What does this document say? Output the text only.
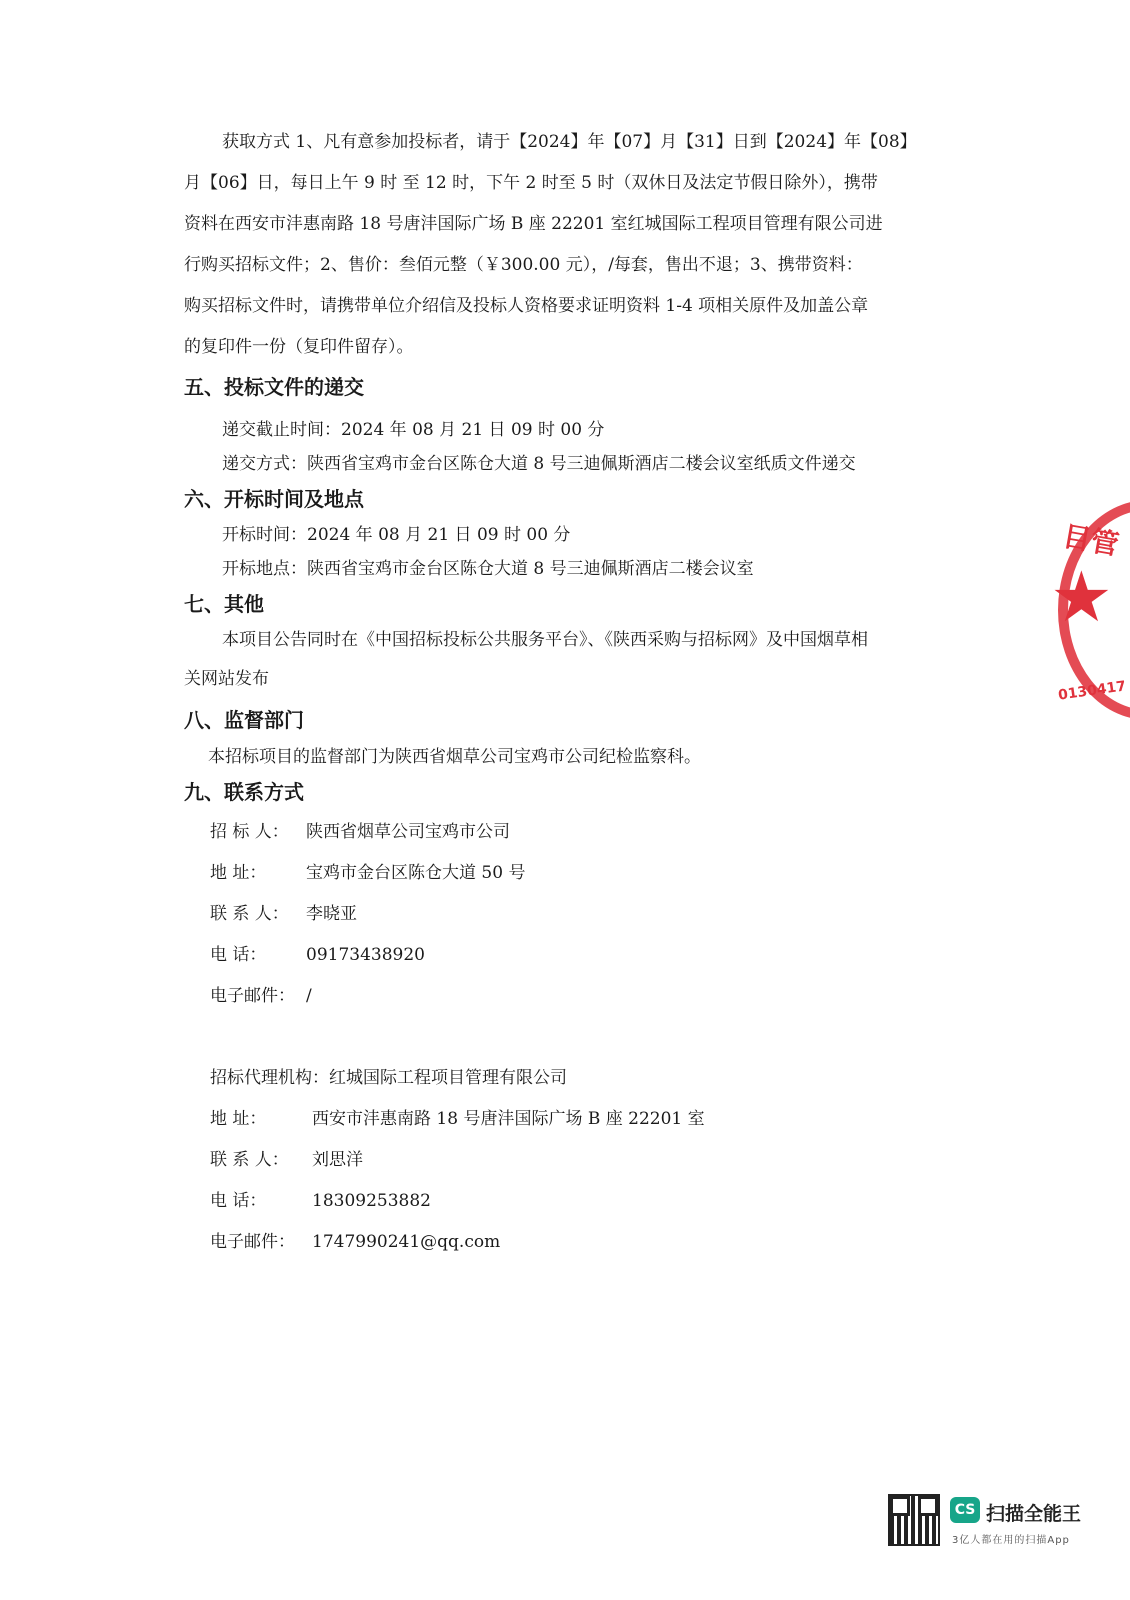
获取方式 1、凡有意参加投标者，请于【2024】年【07】月【31】日到【2024】年【08】
月【06】日，每日上午 9 时 至 12 时，下午 2 时至 5 时（双休日及法定节假日除外），携带
资料在西安市沣惠南路 18 号唐沣国际广场 B 座 22201 室红城国际工程项目管理有限公司进
行购买招标文件；2、售价：叁佰元整（￥300.00 元），/每套，售出不退；3、携带资料：
购买招标文件时，请携带单位介绍信及投标人资格要求证明资料 1-4 项相关原件及加盖公章
的复印件一份（复印件留存）。
五、投标文件的递交
递交截止时间：2024 年 08 月 21 日 09 时 00 分
递交方式：陕西省宝鸡市金台区陈仓大道 8 号三迪佩斯酒店二楼会议室纸质文件递交
六、开标时间及地点
开标时间：2024 年 08 月 21 日 09 时 00 分
开标地点：陕西省宝鸡市金台区陈仓大道 8 号三迪佩斯酒店二楼会议室
七、其他
本项目公告同时在《中国招标投标公共服务平台》、《陕西采购与招标网》及中国烟草相
关网站发布
八、监督部门
本招标项目的监督部门为陕西省烟草公司宝鸡市公司纪检监察科。
九、联系方式
招 标 人： 陕西省烟草公司宝鸡市公司
地 址： 宝鸡市金台区陈仓大道 50 号
联 系 人： 李晓亚
电 话： 09173438920
电子邮件： /
招标代理机构：红城国际工程项目管理有限公司
地 址：	西安市沣惠南路 18 号唐沣国际广场 B 座 22201 室
联 系 人： 刘思洋
电 话：	18309253882
电子邮件： 1747990241@qq.com
目管
★
0130417
CS 扫描全能王
3亿人都在用的扫描App
